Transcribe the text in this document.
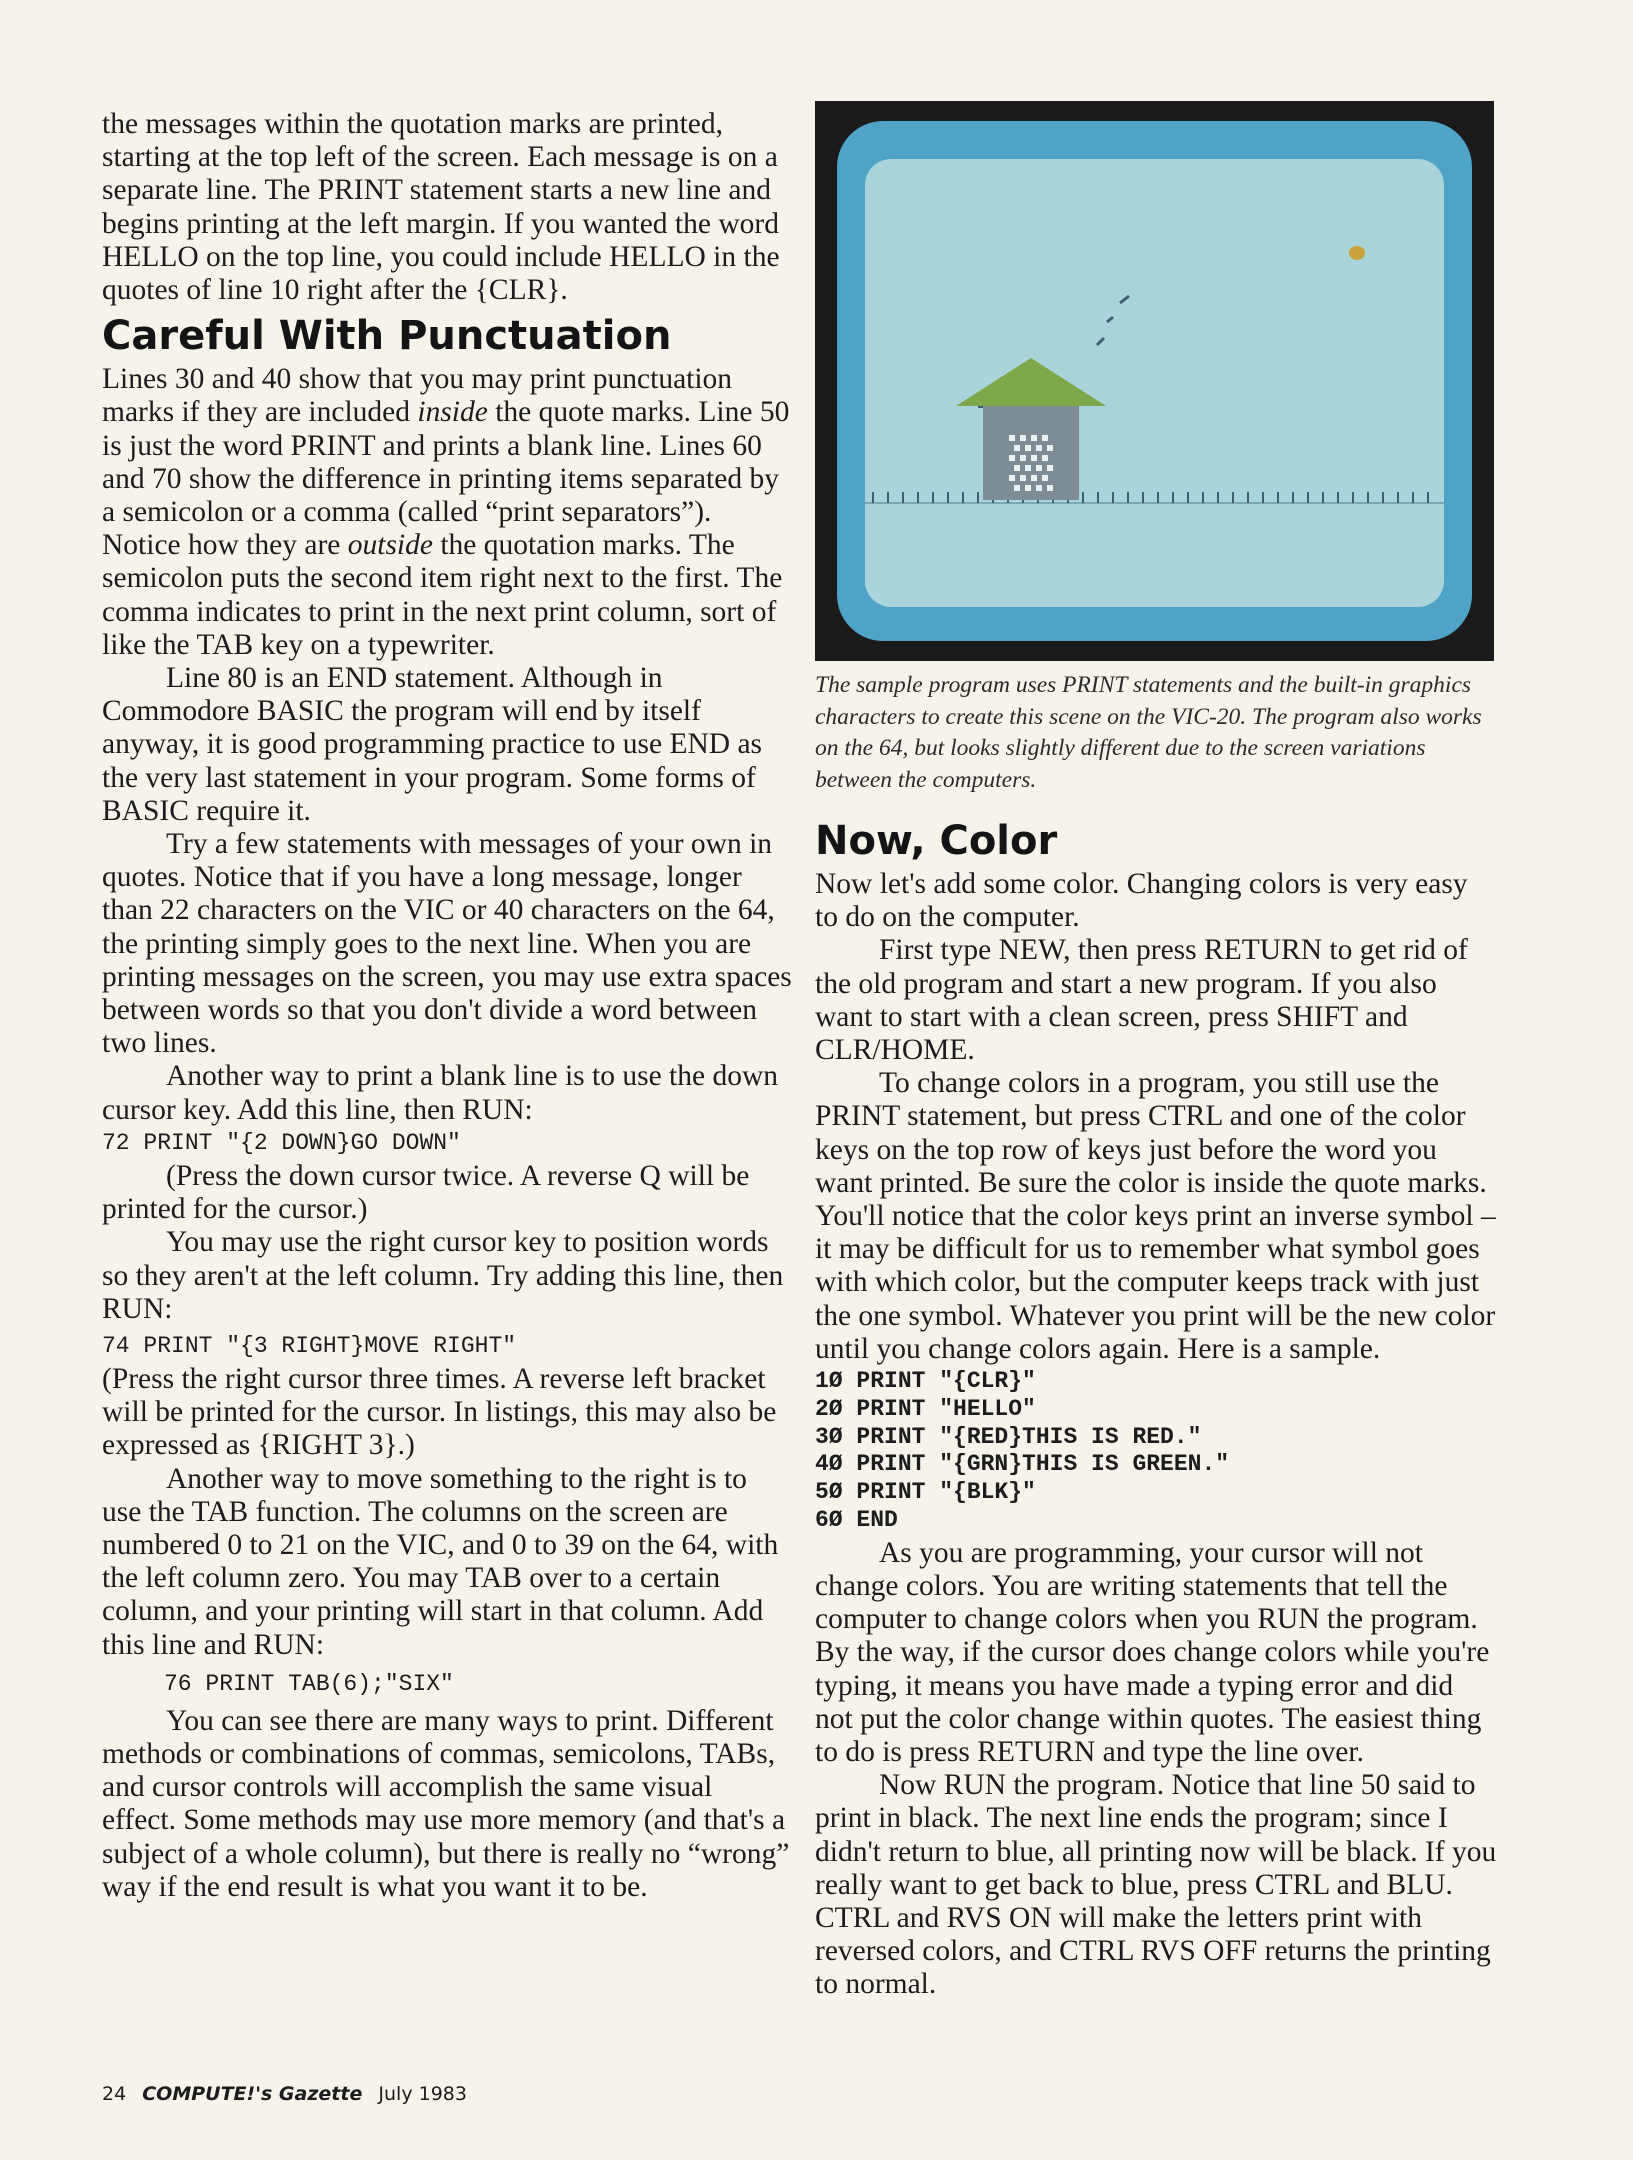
the messages within the quotation marks are printed, starting at the top left of the screen. Each message is on a separate line. The PRINT statement starts a new line and begins printing at the left margin. If you wanted the word HELLO on the top line, you could include HELLO in the quotes of line 10 right after the {CLR}.

Careful With Punctuation

Lines 30 and 40 show that you may print punctuation marks if they are included inside the quote marks. Line 50 is just the word PRINT and prints a blank line. Lines 60 and 70 show the difference in printing items separated by a semicolon or a comma (called “print separators”). Notice how they are outside the quotation marks. The semicolon puts the second item right next to the first. The comma indicates to print in the next print column, sort of like the TAB key on a typewriter.

Line 80 is an END statement. Although in Commodore BASIC the program will end by itself anyway, it is good programming practice to use END as the very last statement in your program. Some forms of BASIC require it.

Try a few statements with messages of your own in quotes. Notice that if you have a long message, longer than 22 characters on the VIC or 40 characters on the 64, the printing simply goes to the next line. When you are printing messages on the screen, you may use extra spaces between words so that you don't divide a word between two lines.

Another way to print a blank line is to use the down cursor key. Add this line, then RUN:

72 PRINT "{2 DOWN}GO DOWN"

(Press the down cursor twice. A reverse Q will be printed for the cursor.)

You may use the right cursor key to position words so they aren't at the left column. Try adding this line, then RUN:

74 PRINT "{3 RIGHT}MOVE RIGHT"

(Press the right cursor three times. A reverse left bracket will be printed for the cursor. In listings, this may also be expressed as {RIGHT 3}.)

Another way to move something to the right is to use the TAB function. The columns on the screen are numbered 0 to 21 on the VIC, and 0 to 39 on the 64, with the left column zero. You may TAB over to a certain column, and your printing will start in that column. Add this line and RUN:

76 PRINT TAB(6);"SIX"

You can see there are many ways to print. Different methods or combinations of commas, semicolons, TABs, and cursor controls will accomplish the same visual effect. Some methods may use more memory (and that's a subject of a whole column), but there is really no “wrong” way if the end result is what you want it to be.

The sample program uses PRINT statements and the built-in graphics characters to create this scene on the VIC-20. The program also works on the 64, but looks slightly different due to the screen variations between the computers.
Now, Color

Now let's add some color. Changing colors is very easy to do on the computer.

First type NEW, then press RETURN to get rid of the old program and start a new program. If you also want to start with a clean screen, press SHIFT and CLR/HOME.

To change colors in a program, you still use the PRINT statement, but press CTRL and one of the color keys on the top row of keys just before the word you want printed. Be sure the color is inside the quote marks. You'll notice that the color keys print an inverse symbol – it may be difficult for us to remember what symbol goes with which color, but the computer keeps track with just the one symbol. Whatever you print will be the new color until you change colors again. Here is a sample.

1Ø PRINT "{CLR}"
2Ø PRINT "HELLO"
3Ø PRINT "{RED}THIS IS RED."
4Ø PRINT "{GRN}THIS IS GREEN."
5Ø PRINT "{BLK}"
6Ø END

As you are programming, your cursor will not change colors. You are writing statements that tell the computer to change colors when you RUN the program. By the way, if the cursor does change colors while you're typing, it means you have made a typing error and did not put the color change within quotes. The easiest thing to do is press RETURN and type the line over.

Now RUN the program. Notice that line 50 said to print in black. The next line ends the program; since I didn't return to blue, all printing now will be black. If you really want to get back to blue, press CTRL and BLU. CTRL and RVS ON will make the letters print with reversed colors, and CTRL RVS OFF returns the printing to normal.

24 COMPUTE!'s Gazette July 1983
